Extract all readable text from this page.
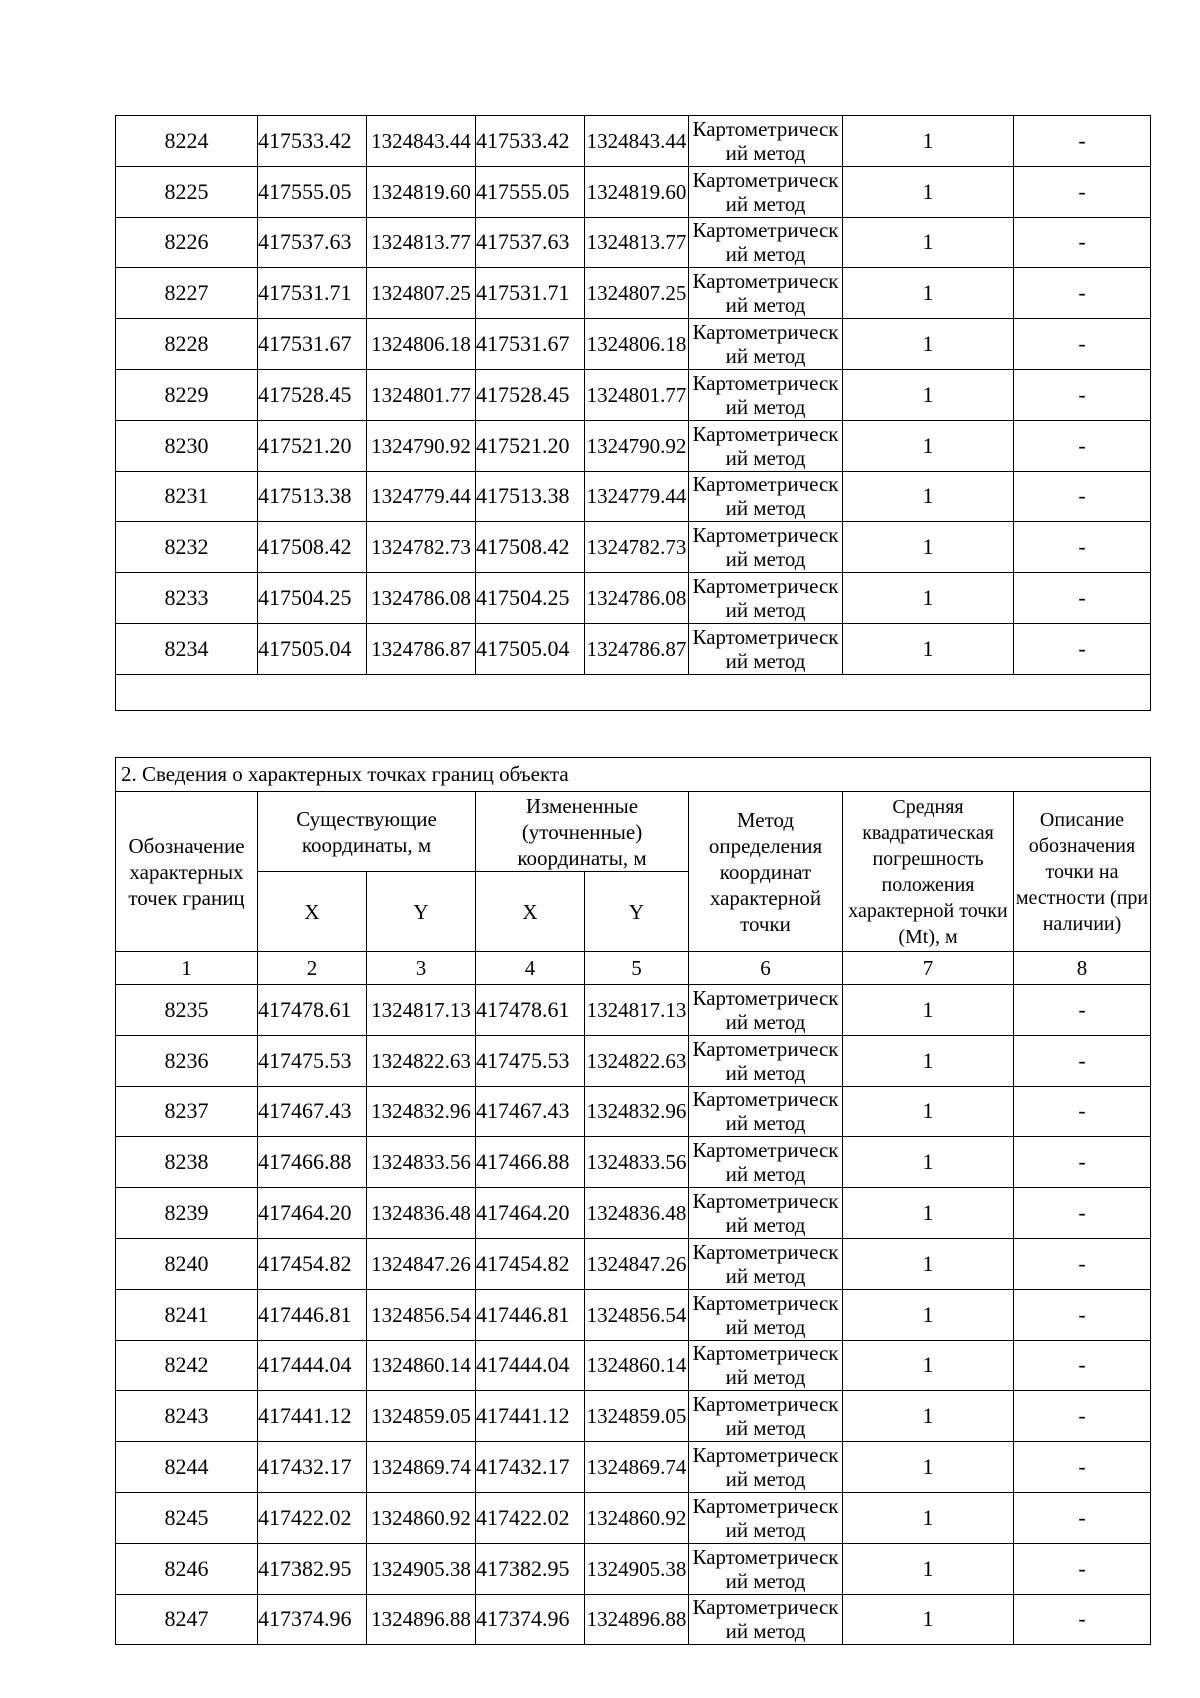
8224	417533.42	1324843.44	417533.42	1324843.44	Картометрический метод	1	-
8225	417555.05	1324819.60	417555.05	1324819.60	Картометрический метод	1	-
8226	417537.63	1324813.77	417537.63	1324813.77	Картометрический метод	1	-
8227	417531.71	1324807.25	417531.71	1324807.25	Картометрический метод	1	-
8228	417531.67	1324806.18	417531.67	1324806.18	Картометрический метод	1	-
8229	417528.45	1324801.77	417528.45	1324801.77	Картометрический метод	1	-
8230	417521.20	1324790.92	417521.20	1324790.92	Картометрический метод	1	-
8231	417513.38	1324779.44	417513.38	1324779.44	Картометрический метод	1	-
8232	417508.42	1324782.73	417508.42	1324782.73	Картометрический метод	1	-
8233	417504.25	1324786.08	417504.25	1324786.08	Картометрический метод	1	-
8234	417505.04	1324786.87	417505.04	1324786.87	Картометрический метод	1	-

2. Сведения о характерных точках границ объекта							
Обозначение характерных точек границ	Существующие координаты, м		Измененные (уточненные) координаты, м		Метод определения координат характерной точки	Средняя квадратическая погрешность положения характерной точки (Mt), м	Описание обозначения точки на местности (при наличии)
	X	Y	X	Y			
1	2	3	4	5	6	7	8
8235	417478.61	1324817.13	417478.61	1324817.13	Картометрический метод	1	-
8236	417475.53	1324822.63	417475.53	1324822.63	Картометрический метод	1	-
8237	417467.43	1324832.96	417467.43	1324832.96	Картометрический метод	1	-
8238	417466.88	1324833.56	417466.88	1324833.56	Картометрический метод	1	-
8239	417464.20	1324836.48	417464.20	1324836.48	Картометрический метод	1	-
8240	417454.82	1324847.26	417454.82	1324847.26	Картометрический метод	1	-
8241	417446.81	1324856.54	417446.81	1324856.54	Картометрический метод	1	-
8242	417444.04	1324860.14	417444.04	1324860.14	Картометрический метод	1	-
8243	417441.12	1324859.05	417441.12	1324859.05	Картометрический метод	1	-
8244	417432.17	1324869.74	417432.17	1324869.74	Картометрический метод	1	-
8245	417422.02	1324860.92	417422.02	1324860.92	Картометрический метод	1	-
8246	417382.95	1324905.38	417382.95	1324905.38	Картометрический метод	1	-
8247	417374.96	1324896.88	417374.96	1324896.88	Картометрический метод	1	-
